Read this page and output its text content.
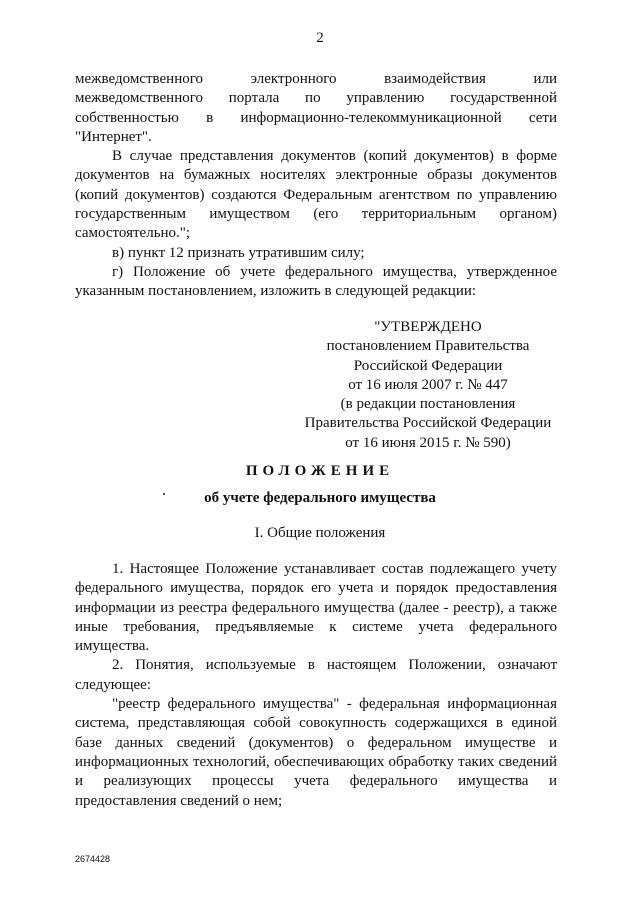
2

межведомственного электронного взаимодействия или межведомственного портала по управлению государственной собственностью в информационно-телекоммуникационной сети "Интернет".

В случае представления документов (копий документов) в форме документов на бумажных носителях электронные образы документов (копий документов) создаются Федеральным агентством по управлению государственным имуществом (его территориальным органом) самостоятельно.";

в) пункт 12 признать утратившим силу;

г) Положение об учете федерального имущества, утвержденное указанным постановлением, изложить в следующей редакции:

"УТВЕРЖДЕНО
постановлением Правительства
Российской Федерации
от 16 июля 2007 г. № 447
(в редакции постановления
Правительства Российской Федерации
от 16 июня 2015 г. № 590)
ПОЛОЖЕНИЕ
об учете федерального имущества
I. Общие положения

1. Настоящее Положение устанавливает состав подлежащего учету федерального имущества, порядок его учета и порядок предоставления информации из реестра федерального имущества (далее - реестр), а также иные требования, предъявляемые к системе учета федерального имущества.

2. Понятия, используемые в настоящем Положении, означают следующее:

"реестр федерального имущества" - федеральная информационная система, представляющая собой совокупность содержащихся в единой базе данных сведений (документов) о федеральном имуществе и информационных технологий, обеспечивающих обработку таких сведений и реализующих процессы учета федерального имущества и предоставления сведений о нем;

2674428
